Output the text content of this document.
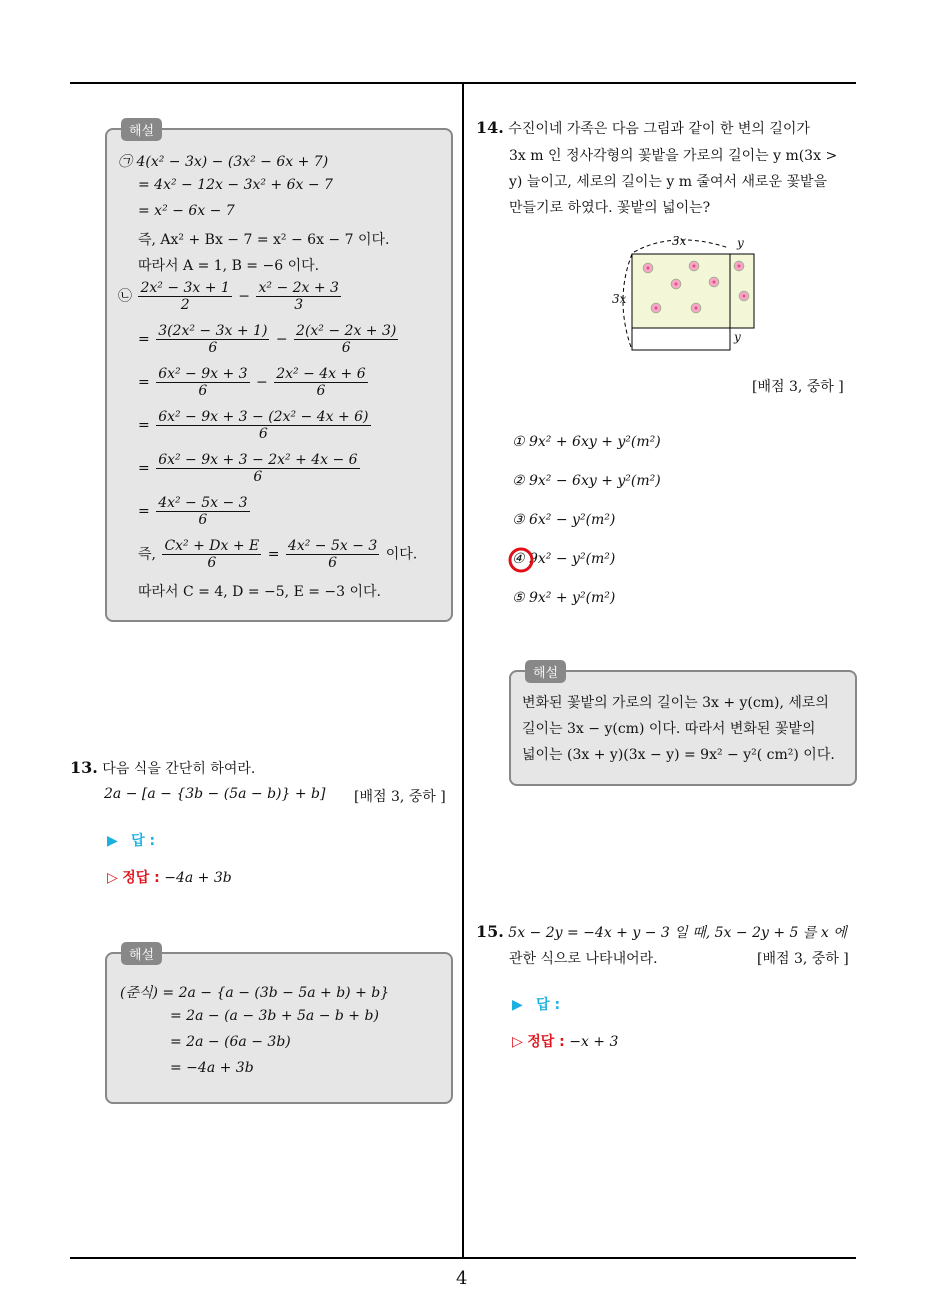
4
해설
㉠ 4(x² − 3x) − (3x² − 6x + 7)
= 4x² − 12x − 3x² + 6x − 7
= x² − 6x − 7
즉, Ax² + Bx − 7 = x² − 6x − 7 이다.
따라서 A = 1, B = −6 이다.
㉡ $\frac{\text{2x² − 3x + 1}}{2} - \frac{\text{x² − 2x + 3}}{3}$
= $\frac{\text{3(2x² − 3x + 1)}}{6} - \frac{\text{2(x² − 2x + 3)}}{6}$
= $\frac{\text{6x² − 9x + 3}}{6} - \frac{\text{2x² − 4x + 6}}{6}$
= $\frac{\text{6x² − 9x + 3 − (2x² − 4x + 6)}}{6}$
= $\frac{\text{6x² − 9x + 3 − 2x² + 4x − 6}}{6}$
= $\frac{\text{4x² − 5x − 3}}{6}$
즉, $\frac{\text{Cx² + Dx + E}}{6} = \frac{\text{4x² − 5x − 3}}{6}$ 이다.
따라서 C = 4, D = −5, E = −3 이다.
13. 다음 식을 간단히 하여라.
2a − [a − {3b − (5a − b)} + b] [배점 3, 중하 ]
▶ 답 :
▷ 정답 : −4a + 3b
해설
(준식) = 2a − {a − (3b − 5a + b) + b}
= 2a − (a − 3b + 5a − b + b)
= 2a − (6a − 3b)
= −4a + 3b
14. 수진이네 가족은 다음 그림과 같이 한 변의 길이가
3x m 인 정사각형의 꽃밭을 가로의 길이는 y m(3x >
y) 늘이고, 세로의 길이는 y m 줄여서 새로운 꽃밭을
만들기로 하였다. 꽃밭의 넓이는?
3x	y
3x
y
[배점 3, 중하 ]
① 9x² + 6xy + y²(m²)
② 9x² − 6xy + y²(m²)
③ 6x² − y²(m²)
④ 9x² − y²(m²)
⑤ 9x² + y²(m²)
해설
변화된 꽃밭의 가로의 길이는 3x + y(cm), 세로의
길이는 3x − y(cm) 이다. 따라서 변화된 꽃밭의
넓이는 (3x + y)(3x − y) = 9x² − y²( cm²) 이다.
15. 5x − 2y = −4x + y − 3 일 때, 5x − 2y + 5 를 x 에
관한 식으로 나타내어라.	[배점 3, 중하 ]
▶ 답 :
▷ 정답 : −x + 3
